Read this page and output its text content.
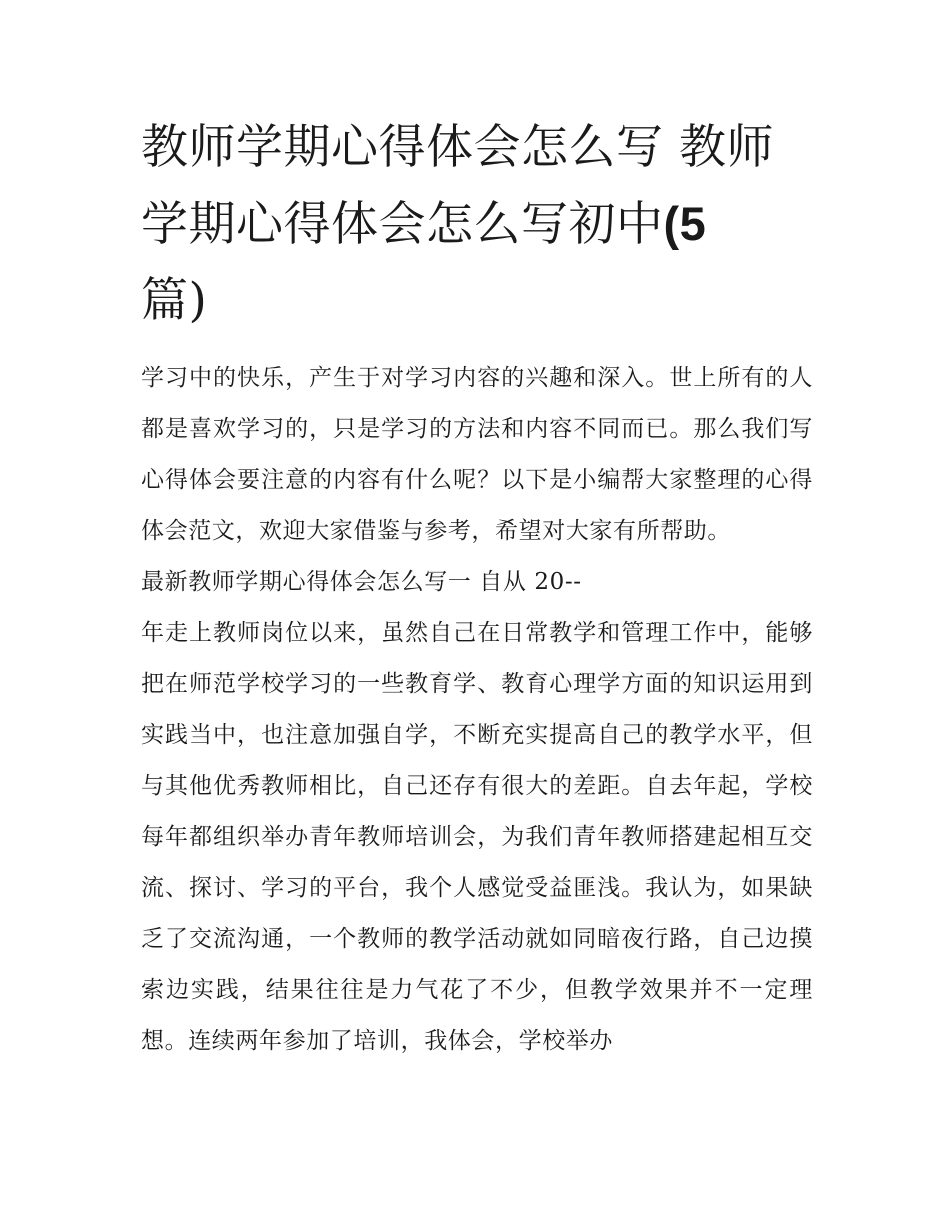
教师学期心得体会怎么写 教师学期心得体会怎么写初中(5
篇)

学习中的快乐，产生于对学习内容的兴趣和深入。世上所有的人都是喜欢学习的，只是学习的方法和内容不同而已。那么我们写心得体会要注意的内容有什么呢？以下是小编帮大家整理的心得体会范文，欢迎大家借鉴与参考，希望对大家有所帮助。

最新教师学期心得体会怎么写一 自从 20--

年走上教师岗位以来，虽然自己在日常教学和管理工作中，能够把在师范学校学习的一些教育学、教育心理学方面的知识运用到实践当中，也注意加强自学，不断充实提高自己的教学水平，但与其他优秀教师相比，自己还存有很大的差距。自去年起，学校每年都组织举办青年教师培训会，为我们青年教师搭建起相互交流、探讨、学习的平台，我个人感觉受益匪浅。我认为，如果缺乏了交流沟通，一个教师的教学活动就如同暗夜行路，自己边摸索边实践，结果往往是力气花了不少，但教学效果并不一定理想。连续两年参加了培训，我体会，学校举办
